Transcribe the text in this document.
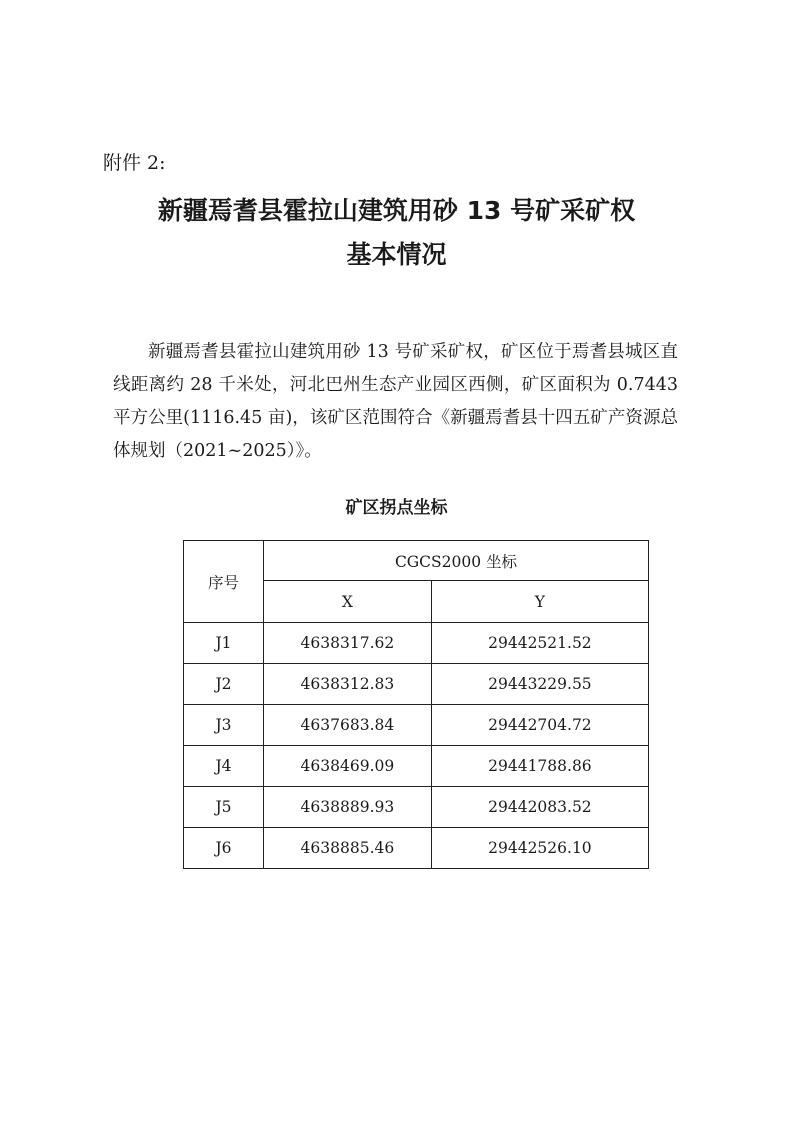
附件 2:
新疆焉耆县霍拉山建筑用砂 13 号矿采矿权
基本情况

新疆焉耆县霍拉山建筑用砂 13 号矿采矿权，矿区位于焉耆县城区直线距离约 28 千米处，河北巴州生态产业园区西侧，矿区面积为 0.7443 平方公里(1116.45 亩)，该矿区范围符合《新疆焉耆县十四五矿产资源总体规划（2021~2025）》。

矿区拐点坐标
序号	CGCS2000 坐标	
	X	Y
J1	4638317.62	29442521.52
J2	4638312.83	29443229.55
J3	4637683.84	29442704.72
J4	4638469.09	29441788.86
J5	4638889.93	29442083.52
J6	4638885.46	29442526.10
